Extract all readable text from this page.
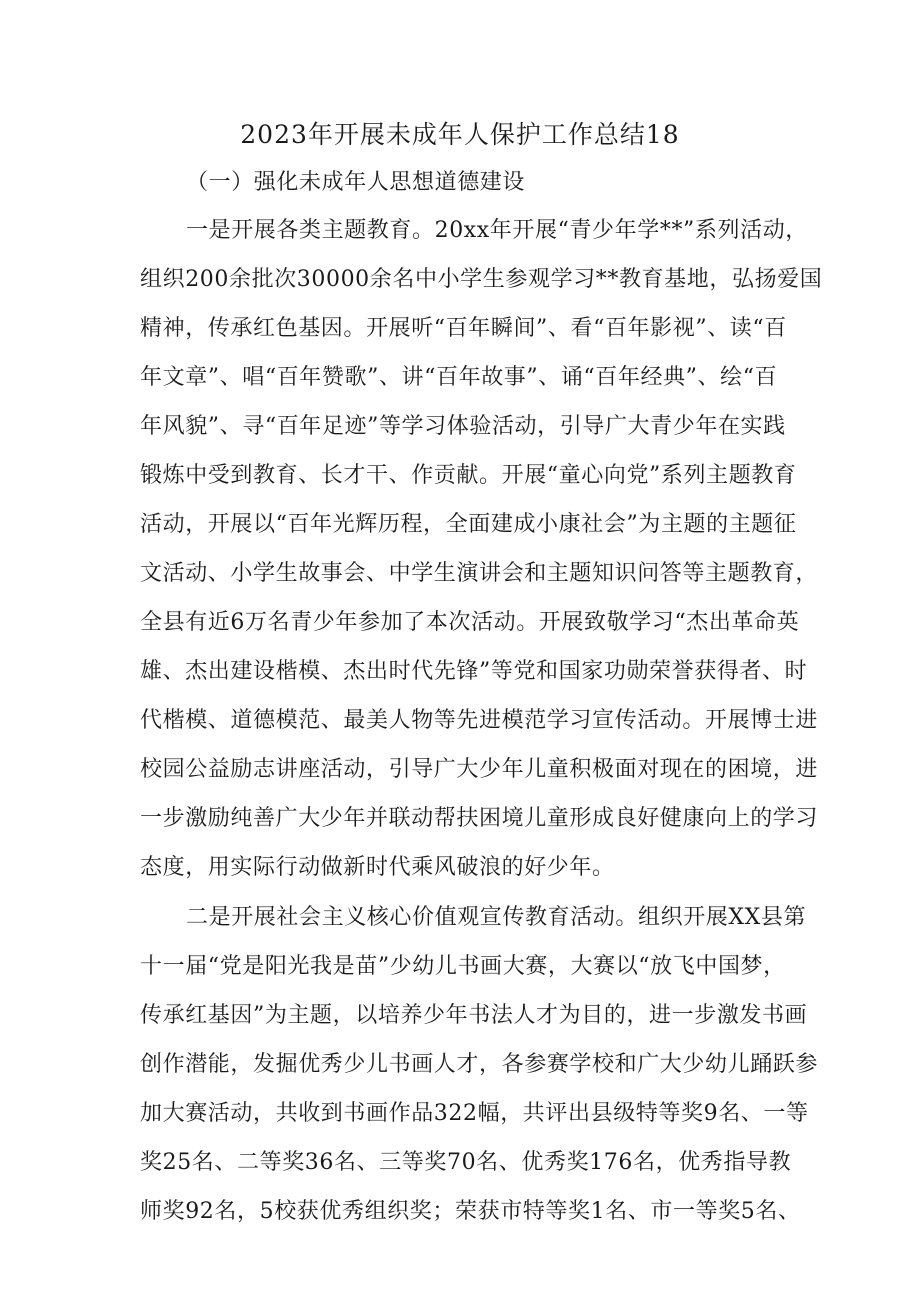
2023年开展未成年人保护工作总结18
（一）强化未成年人思想道德建设
一是开展各类主题教育。20xx年开展“青少年学**”系列活动，
组织200余批次30000余名中小学生参观学习**教育基地，弘扬爱国
精神，传承红色基因。开展听“百年瞬间”、看“百年影视”、读“百
年文章”、唱“百年赞歌”、讲“百年故事”、诵“百年经典”、绘“百
年风貌”、寻“百年足迹”等学习体验活动，引导广大青少年在实践
锻炼中受到教育、长才干、作贡献。开展“童心向党”系列主题教育
活动，开展以“百年光辉历程，全面建成小康社会”为主题的主题征
文活动、小学生故事会、中学生演讲会和主题知识问答等主题教育，
全县有近6万名青少年参加了本次活动。开展致敬学习“杰出革命英
雄、杰出建设楷模、杰出时代先锋”等党和国家功勋荣誉获得者、时
代楷模、道德模范、最美人物等先进模范学习宣传活动。开展博士进
校园公益励志讲座活动，引导广大少年儿童积极面对现在的困境，进
一步激励纯善广大少年并联动帮扶困境儿童形成良好健康向上的学习
态度，用实际行动做新时代乘风破浪的好少年。
二是开展社会主义核心价值观宣传教育活动。组织开展XX县第
十一届“党是阳光我是苗”少幼儿书画大赛，大赛以“放飞中国梦，
传承红基因”为主题，以培养少年书法人才为目的，进一步激发书画
创作潜能，发掘优秀少儿书画人才，各参赛学校和广大少幼儿踊跃参
加大赛活动，共收到书画作品322幅，共评出县级特等奖9名、一等
奖25名、二等奖36名、三等奖70名、优秀奖176名，优秀指导教
师奖92名，5校获优秀组织奖；荣获市特等奖1名、市一等奖5名、
